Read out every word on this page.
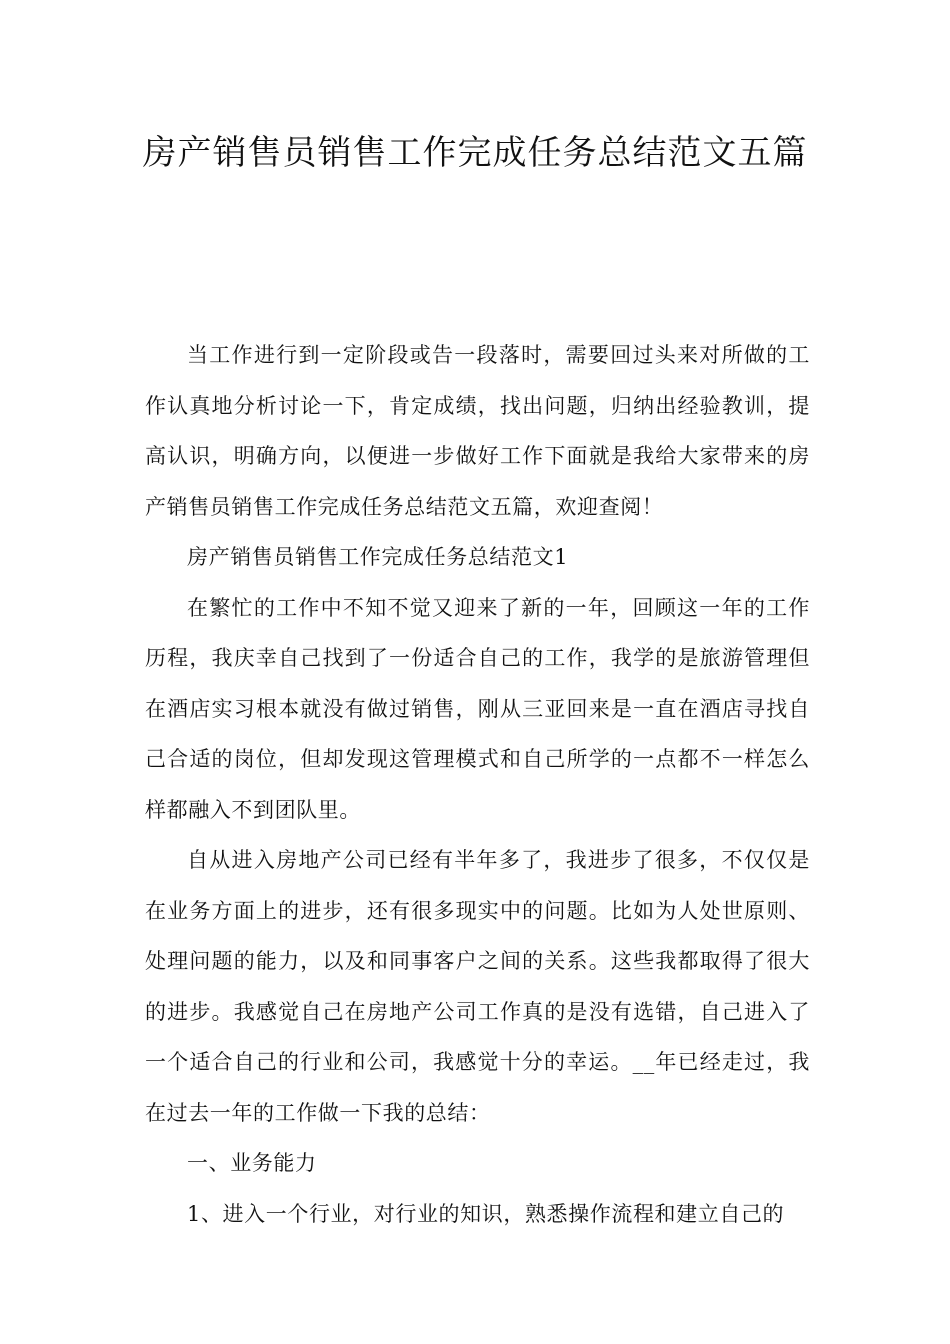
房产销售员销售工作完成任务总结范文五篇

当工作进行到一定阶段或告一段落时，需要回过头来对所做的工作认真地分析讨论一下，肯定成绩，找出问题，归纳出经验教训，提高认识，明确方向，以便进一步做好工作下面就是我给大家带来的房产销售员销售工作完成任务总结范文五篇，欢迎查阅！

房产销售员销售工作完成任务总结范文1

在繁忙的工作中不知不觉又迎来了新的一年，回顾这一年的工作历程，我庆幸自己找到了一份适合自己的工作，我学的是旅游管理但在酒店实习根本就没有做过销售，刚从三亚回来是一直在酒店寻找自己合适的岗位，但却发现这管理模式和自己所学的一点都不一样怎么样都融入不到团队里。

自从进入房地产公司已经有半年多了，我进步了很多，不仅仅是在业务方面上的进步，还有很多现实中的问题。比如为人处世原则、处理问题的能力，以及和同事客户之间的关系。这些我都取得了很大的进步。我感觉自己在房地产公司工作真的是没有选错，自己进入了一个适合自己的行业和公司，我感觉十分的幸运。__年已经走过，我在过去一年的工作做一下我的总结：

一、业务能力

1、进入一个行业，对行业的知识，熟悉操作流程和建立自己的
